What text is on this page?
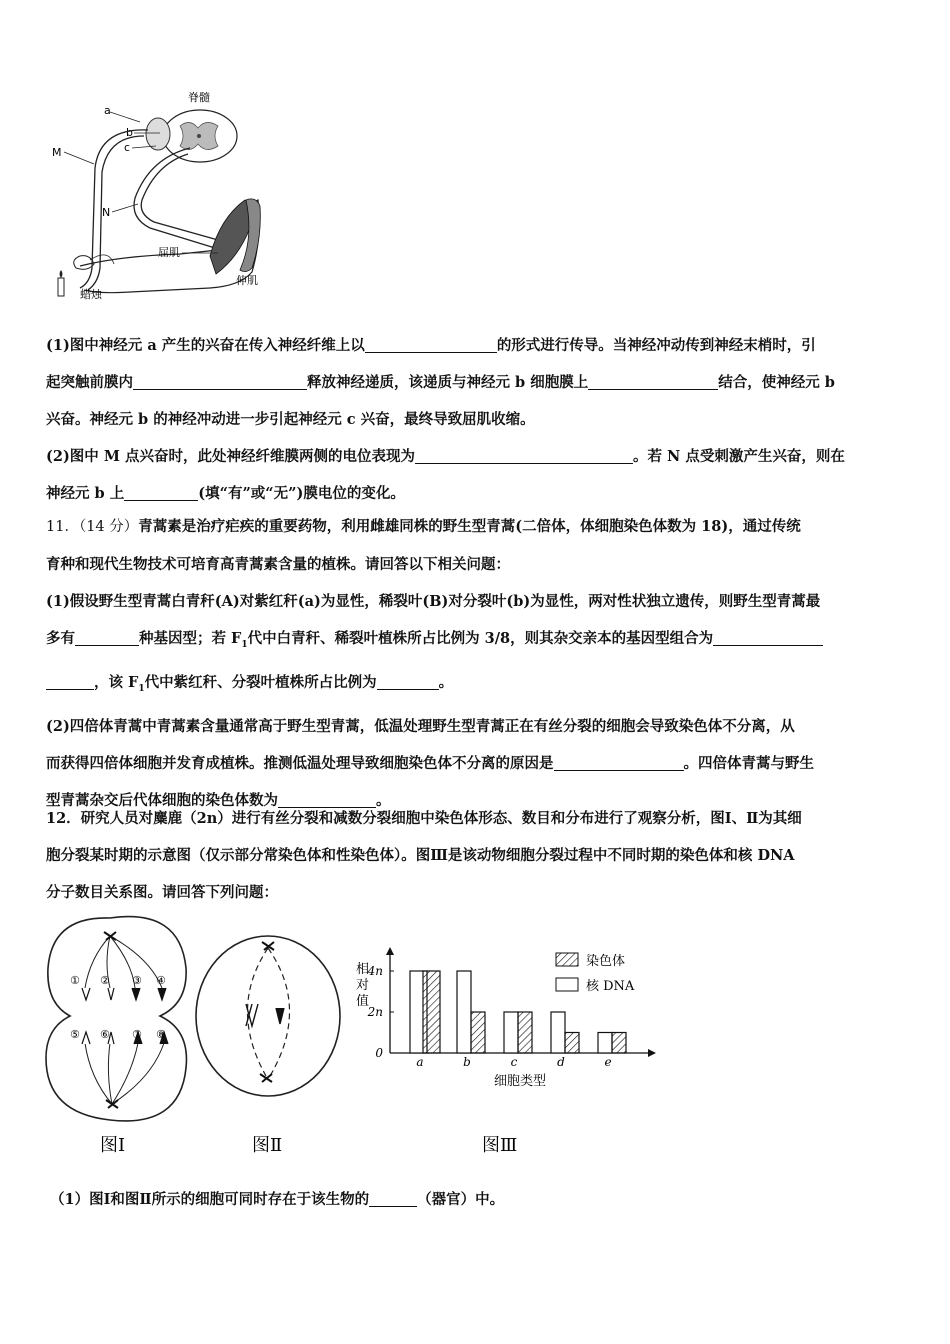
脊髓
a
b
c
M
N
屈肌
伸肌
蜡烛
(1)图中神经元 a 产生的兴奋在传入神经纤维上以	的形式进行传导。当神经冲动传到神经末梢时，引
起突触前膜内	释放神经递质，该递质与神经元 b 细胞膜上	结合，使神经元 b
兴奋。神经元 b 的神经冲动进一步引起神经元 c 兴奋，最终导致屈肌收缩。
(2)图中 M 点兴奋时，此处神经纤维膜两侧的电位表现为	。若 N 点受刺激产生兴奋，则在
神经元 b 上	(填“有”或“无”)膜电位的变化。
11．（14 分）青蒿素是治疗疟疾的重要药物，利用雌雄同株的野生型青蒿(二倍体，体细胞染色体数为 18)，通过传统
育种和现代生物技术可培育高青蒿素含量的植株。请回答以下相关问题：
(1)假设野生型青蒿白青秆(A)对紫红秆(a)为显性，稀裂叶(B)对分裂叶(b)为显性，两对性状独立遗传，则野生型青蒿最
多有	种基因型；若 $F_1$代中白青秆、稀裂叶植株所占比例为 3/8，则其杂交亲本的基因型组合为
，该 $F_1$代中紫红秆、分裂叶植株所占比例为	。
(2)四倍体青蒿中青蒿素含量通常高于野生型青蒿，低温处理野生型青蒿正在有丝分裂的细胞会导致染色体不分离，从
而获得四倍体细胞并发育成植株。推测低温处理导致细胞染色体不分离的原因是	。四倍体青蒿与野生
型青蒿杂交后代体细胞的染色体数为	。
12．研究人员对麋鹿（2n）进行有丝分裂和减数分裂细胞中染色体形态、数目和分布进行了观察分析，图Ⅰ、Ⅱ为其细
胞分裂某时期的示意图（仅示部分常染色体和性染色体）。图Ⅲ是该动物细胞分裂过程中不同时期的染色体和核 DNA
分子数目关系图。请回答下列问题：
① ② ③ ④
⑤ ⑥ ⑦ ⑧
图Ⅰ	图Ⅱ
0
2n
4n
相
对
值
a	b	c	d	e
细胞类型
染色体
核 DNA
图Ⅲ
（1）图Ⅰ和图Ⅱ所示的细胞可同时存在于该生物的	（器官）中。
